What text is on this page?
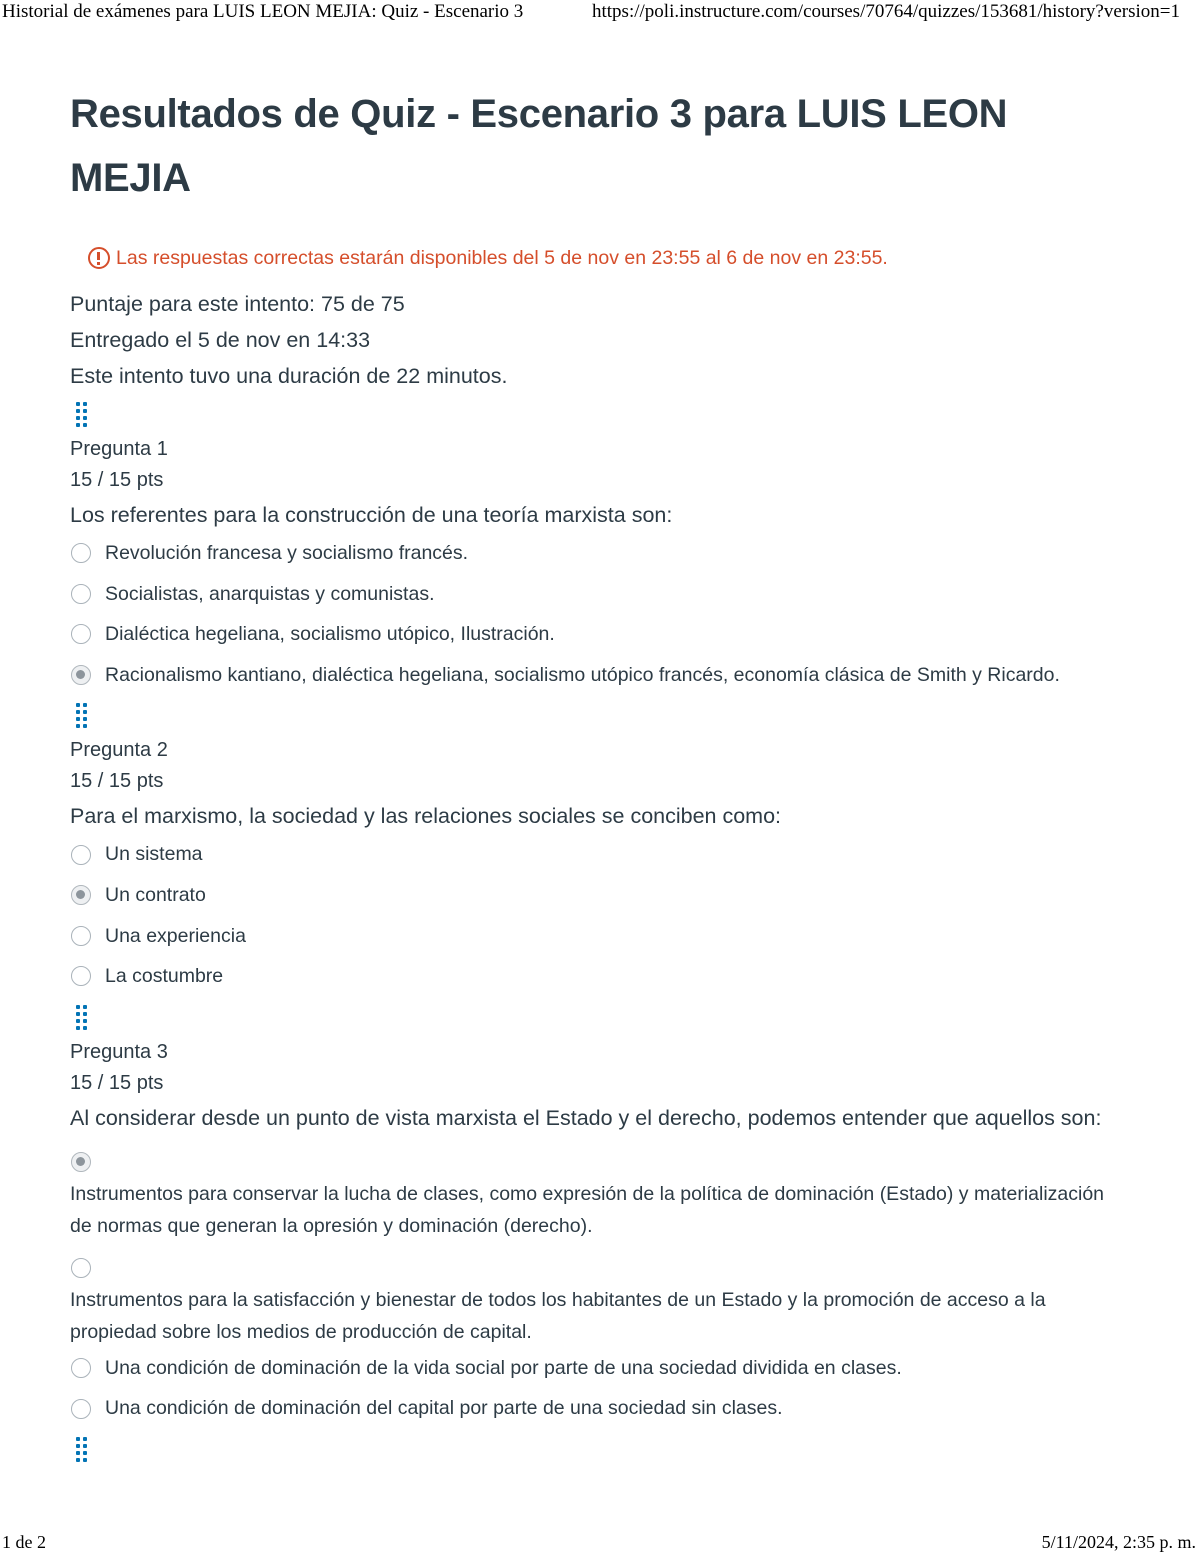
Historial de exámenes para LUIS LEON MEJIA: Quiz - Escenario 3	https://poli.instructure.com/courses/70764/quizzes/153681/history?version=1
Resultados de Quiz - Escenario 3 para LUIS LEON MEJIA
Las respuestas correctas estarán disponibles del 5 de nov en 23:55 al 6 de nov en 23:55.
Puntaje para este intento: 75 de 75
Entregado el 5 de nov en 14:33
Este intento tuvo una duración de 22 minutos.
Pregunta 1
15 / 15 pts
Los referentes para la construcción de una teoría marxista son:
Revolución francesa y socialismo francés.
Socialistas, anarquistas y comunistas.
Dialéctica hegeliana, socialismo utópico, Ilustración.
Racionalismo kantiano, dialéctica hegeliana, socialismo utópico francés, economía clásica de Smith y Ricardo.
Pregunta 2
15 / 15 pts
Para el marxismo, la sociedad y las relaciones sociales se conciben como:
Un sistema
Un contrato
Una experiencia
La costumbre
Pregunta 3
15 / 15 pts
Al considerar desde un punto de vista marxista el Estado y el derecho, podemos entender que aquellos son:
Instrumentos para conservar la lucha de clases, como expresión de la política de dominación (Estado) y materialización de normas que generan la opresión y dominación (derecho).
Instrumentos para la satisfacción y bienestar de todos los habitantes de un Estado y la promoción de acceso a la propiedad sobre los medios de producción de capital.
Una condición de dominación de la vida social por parte de una sociedad dividida en clases.
Una condición de dominación del capital por parte de una sociedad sin clases.
1 de 2	5/11/2024, 2:35 p. m.
